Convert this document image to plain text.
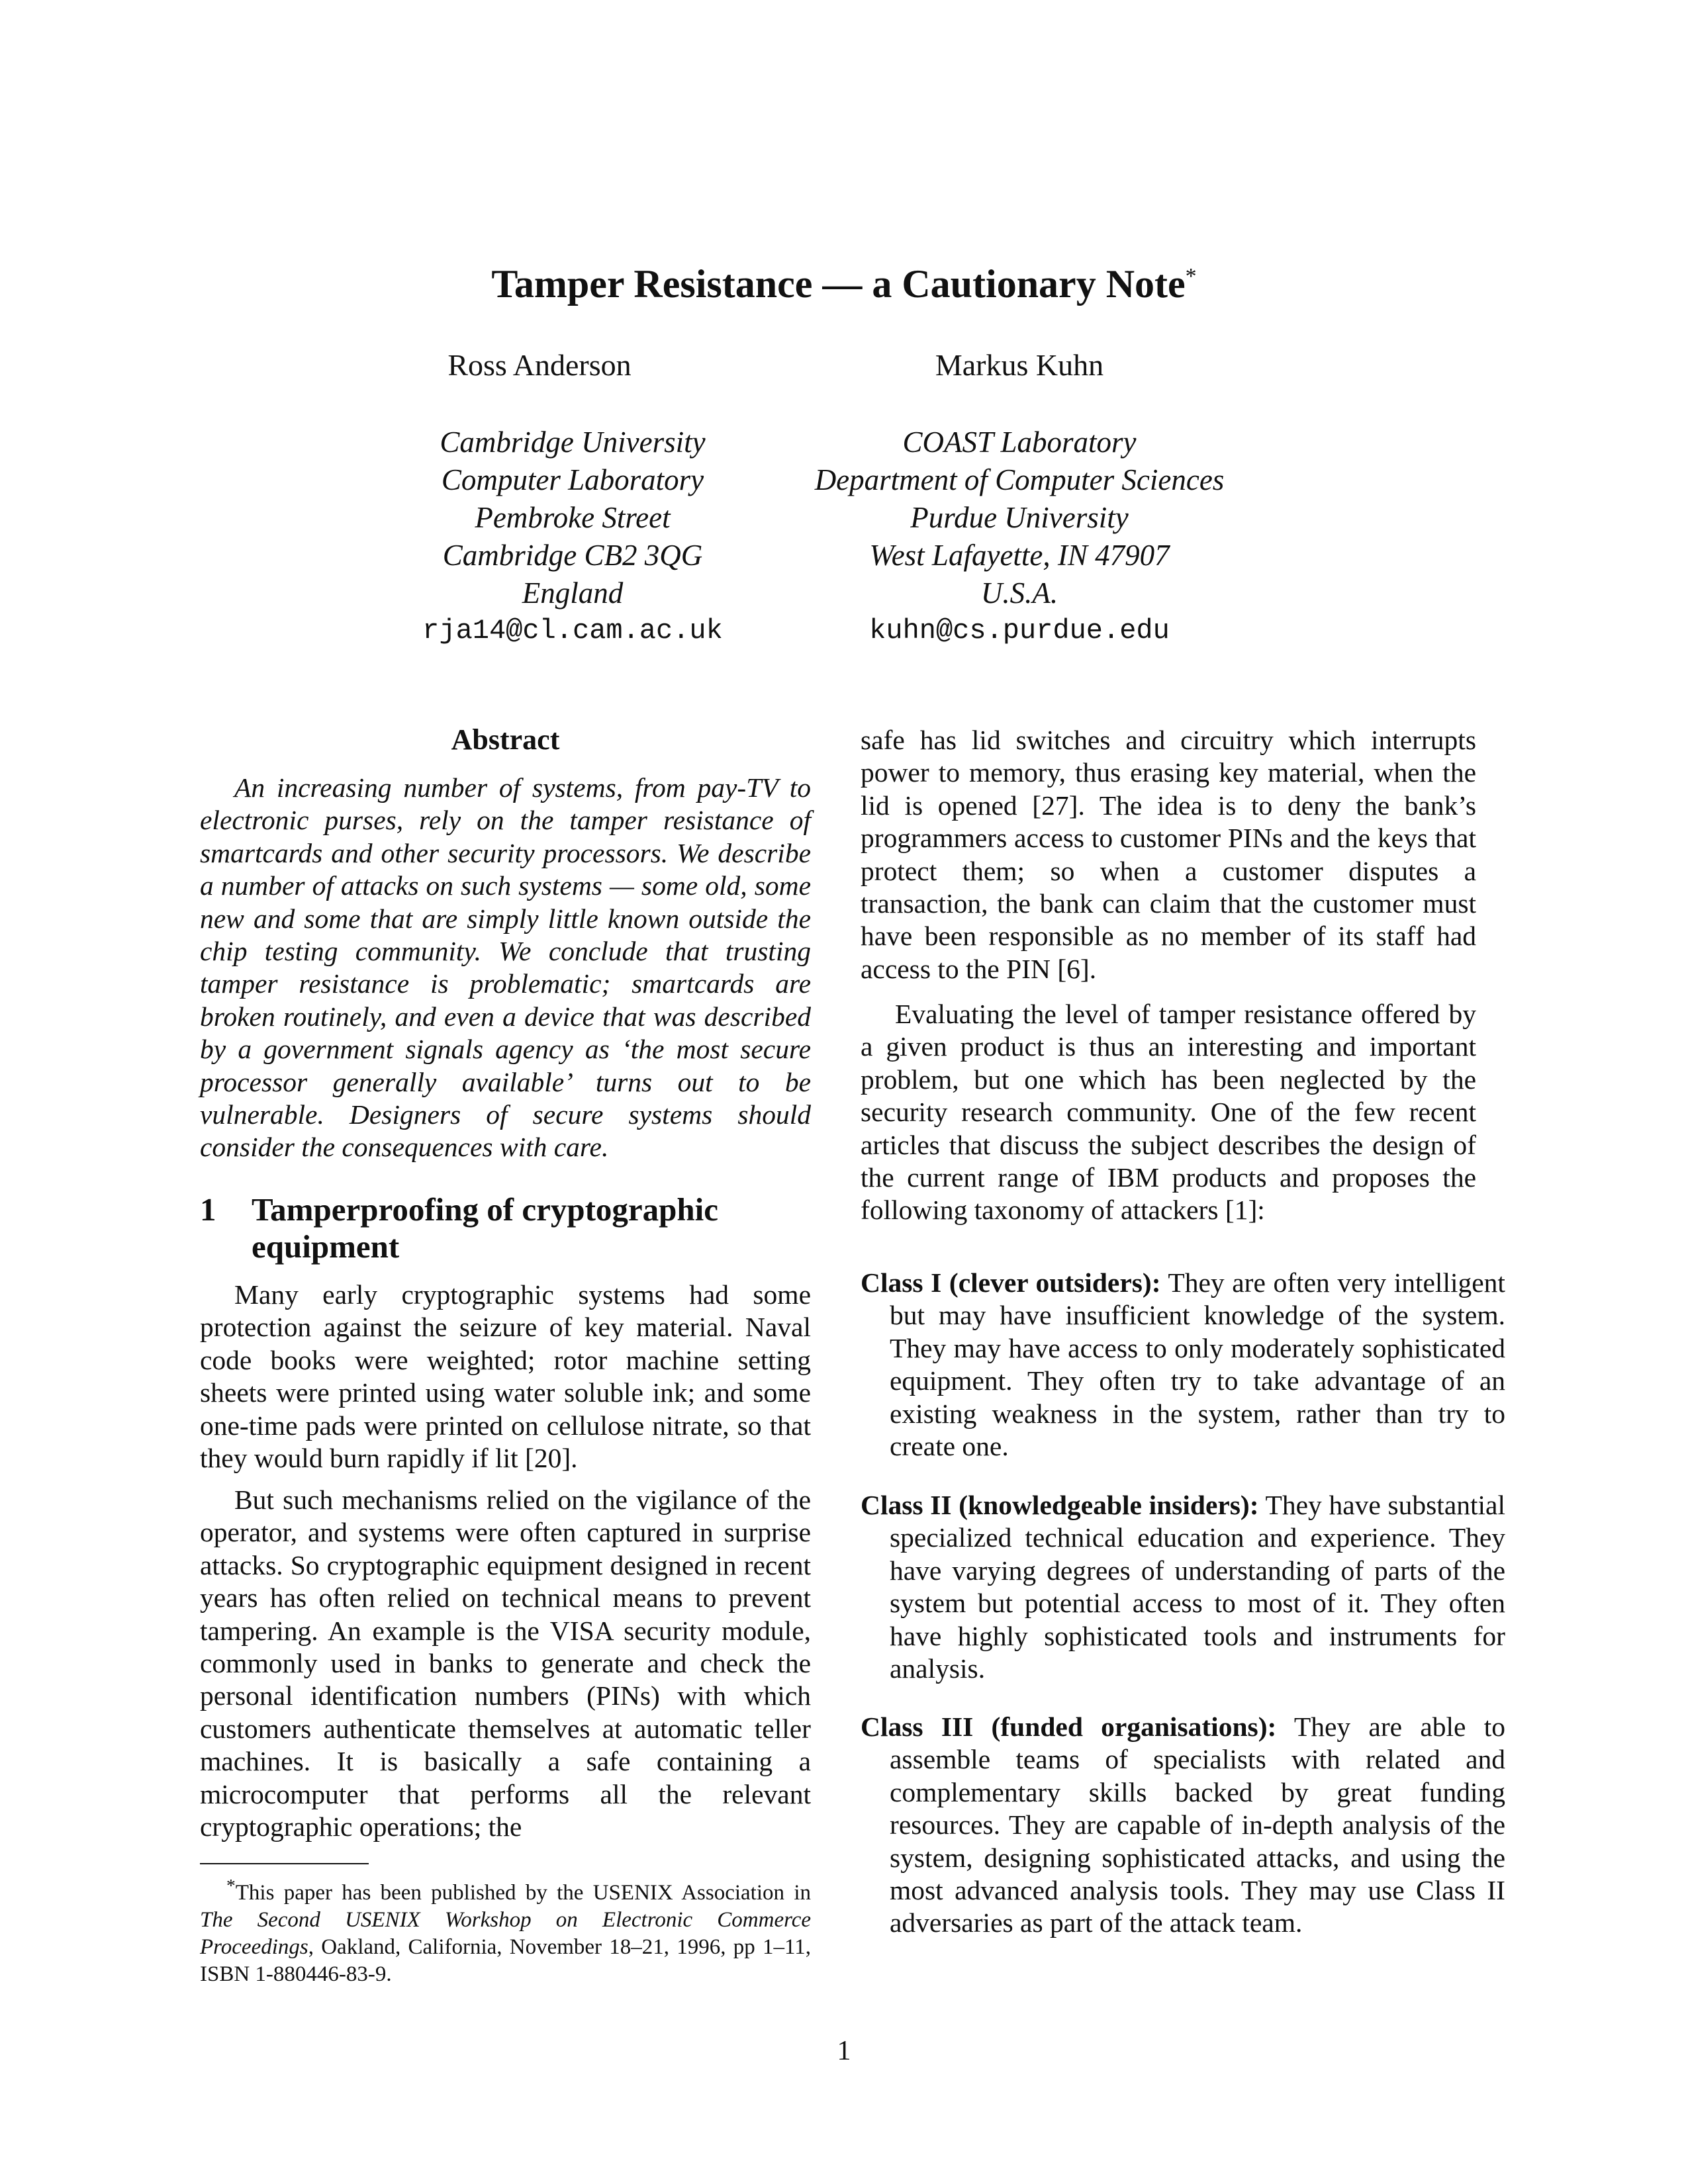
Tamper Resistance — a Cautionary Note*
Ross Anderson	Markus Kuhn
Cambridge University
Computer Laboratory
Pembroke Street
Cambridge CB2 3QG
England
rja14@cl.cam.ac.uk
COAST Laboratory
Department of Computer Sciences
Purdue University
West Lafayette, IN 47907
U.S.A.
kuhn@cs.purdue.edu
Abstract
An increasing number of systems, from pay-TV to electronic purses, rely on the tamper resistance of smartcards and other security processors. We describe a number of attacks on such systems — some old, some new and some that are simply little known outside the chip testing community. We conclude that trusting tamper resistance is problematic; smartcards are broken routinely, and even a device that was described by a government signals agency as ‘the most secure processor generally available’ turns out to be vulnerable. Designers of secure systems should consider the consequences with care.
1	Tamperproofing of cryptographic equipment
Many early cryptographic systems had some protection against the seizure of key material. Naval code books were weighted; rotor machine setting sheets were printed using water soluble ink; and some one-time pads were printed on cellulose nitrate, so that they would burn rapidly if lit [20].
But such mechanisms relied on the vigilance of the operator, and systems were often captured in surprise attacks. So cryptographic equipment designed in recent years has often relied on technical means to prevent tampering. An example is the VISA security module, commonly used in banks to generate and check the personal identification numbers (PINs) with which customers authenticate themselves at automatic teller machines. It is basically a safe containing a microcomputer that performs all the relevant cryptographic operations; the
*This paper has been published by the USENIX Association in The Second USENIX Workshop on Electronic Commerce Proceedings, Oakland, California, November 18–21, 1996, pp 1–11, ISBN 1-880446-83-9.
safe has lid switches and circuitry which interrupts power to memory, thus erasing key material, when the lid is opened [27]. The idea is to deny the bank’s programmers access to customer PINs and the keys that protect them; so when a customer disputes a transaction, the bank can claim that the customer must have been responsible as no member of its staff had access to the PIN [6].
Evaluating the level of tamper resistance offered by a given product is thus an interesting and important problem, but one which has been neglected by the security research community. One of the few recent articles that discuss the subject describes the design of the current range of IBM products and proposes the following taxonomy of attackers [1]:
Class I (clever outsiders): They are often very intelligent but may have insufficient knowledge of the system. They may have access to only moderately sophisticated equipment. They often try to take advantage of an existing weakness in the system, rather than try to create one.
Class II (knowledgeable insiders): They have substantial specialized technical education and experience. They have varying degrees of understanding of parts of the system but potential access to most of it. They often have highly sophisticated tools and instruments for analysis.
Class III (funded organisations): They are able to assemble teams of specialists with related and complementary skills backed by great funding resources. They are capable of in-depth analysis of the system, designing sophisticated attacks, and using the most advanced analysis tools. They may use Class II adversaries as part of the attack team.
1
